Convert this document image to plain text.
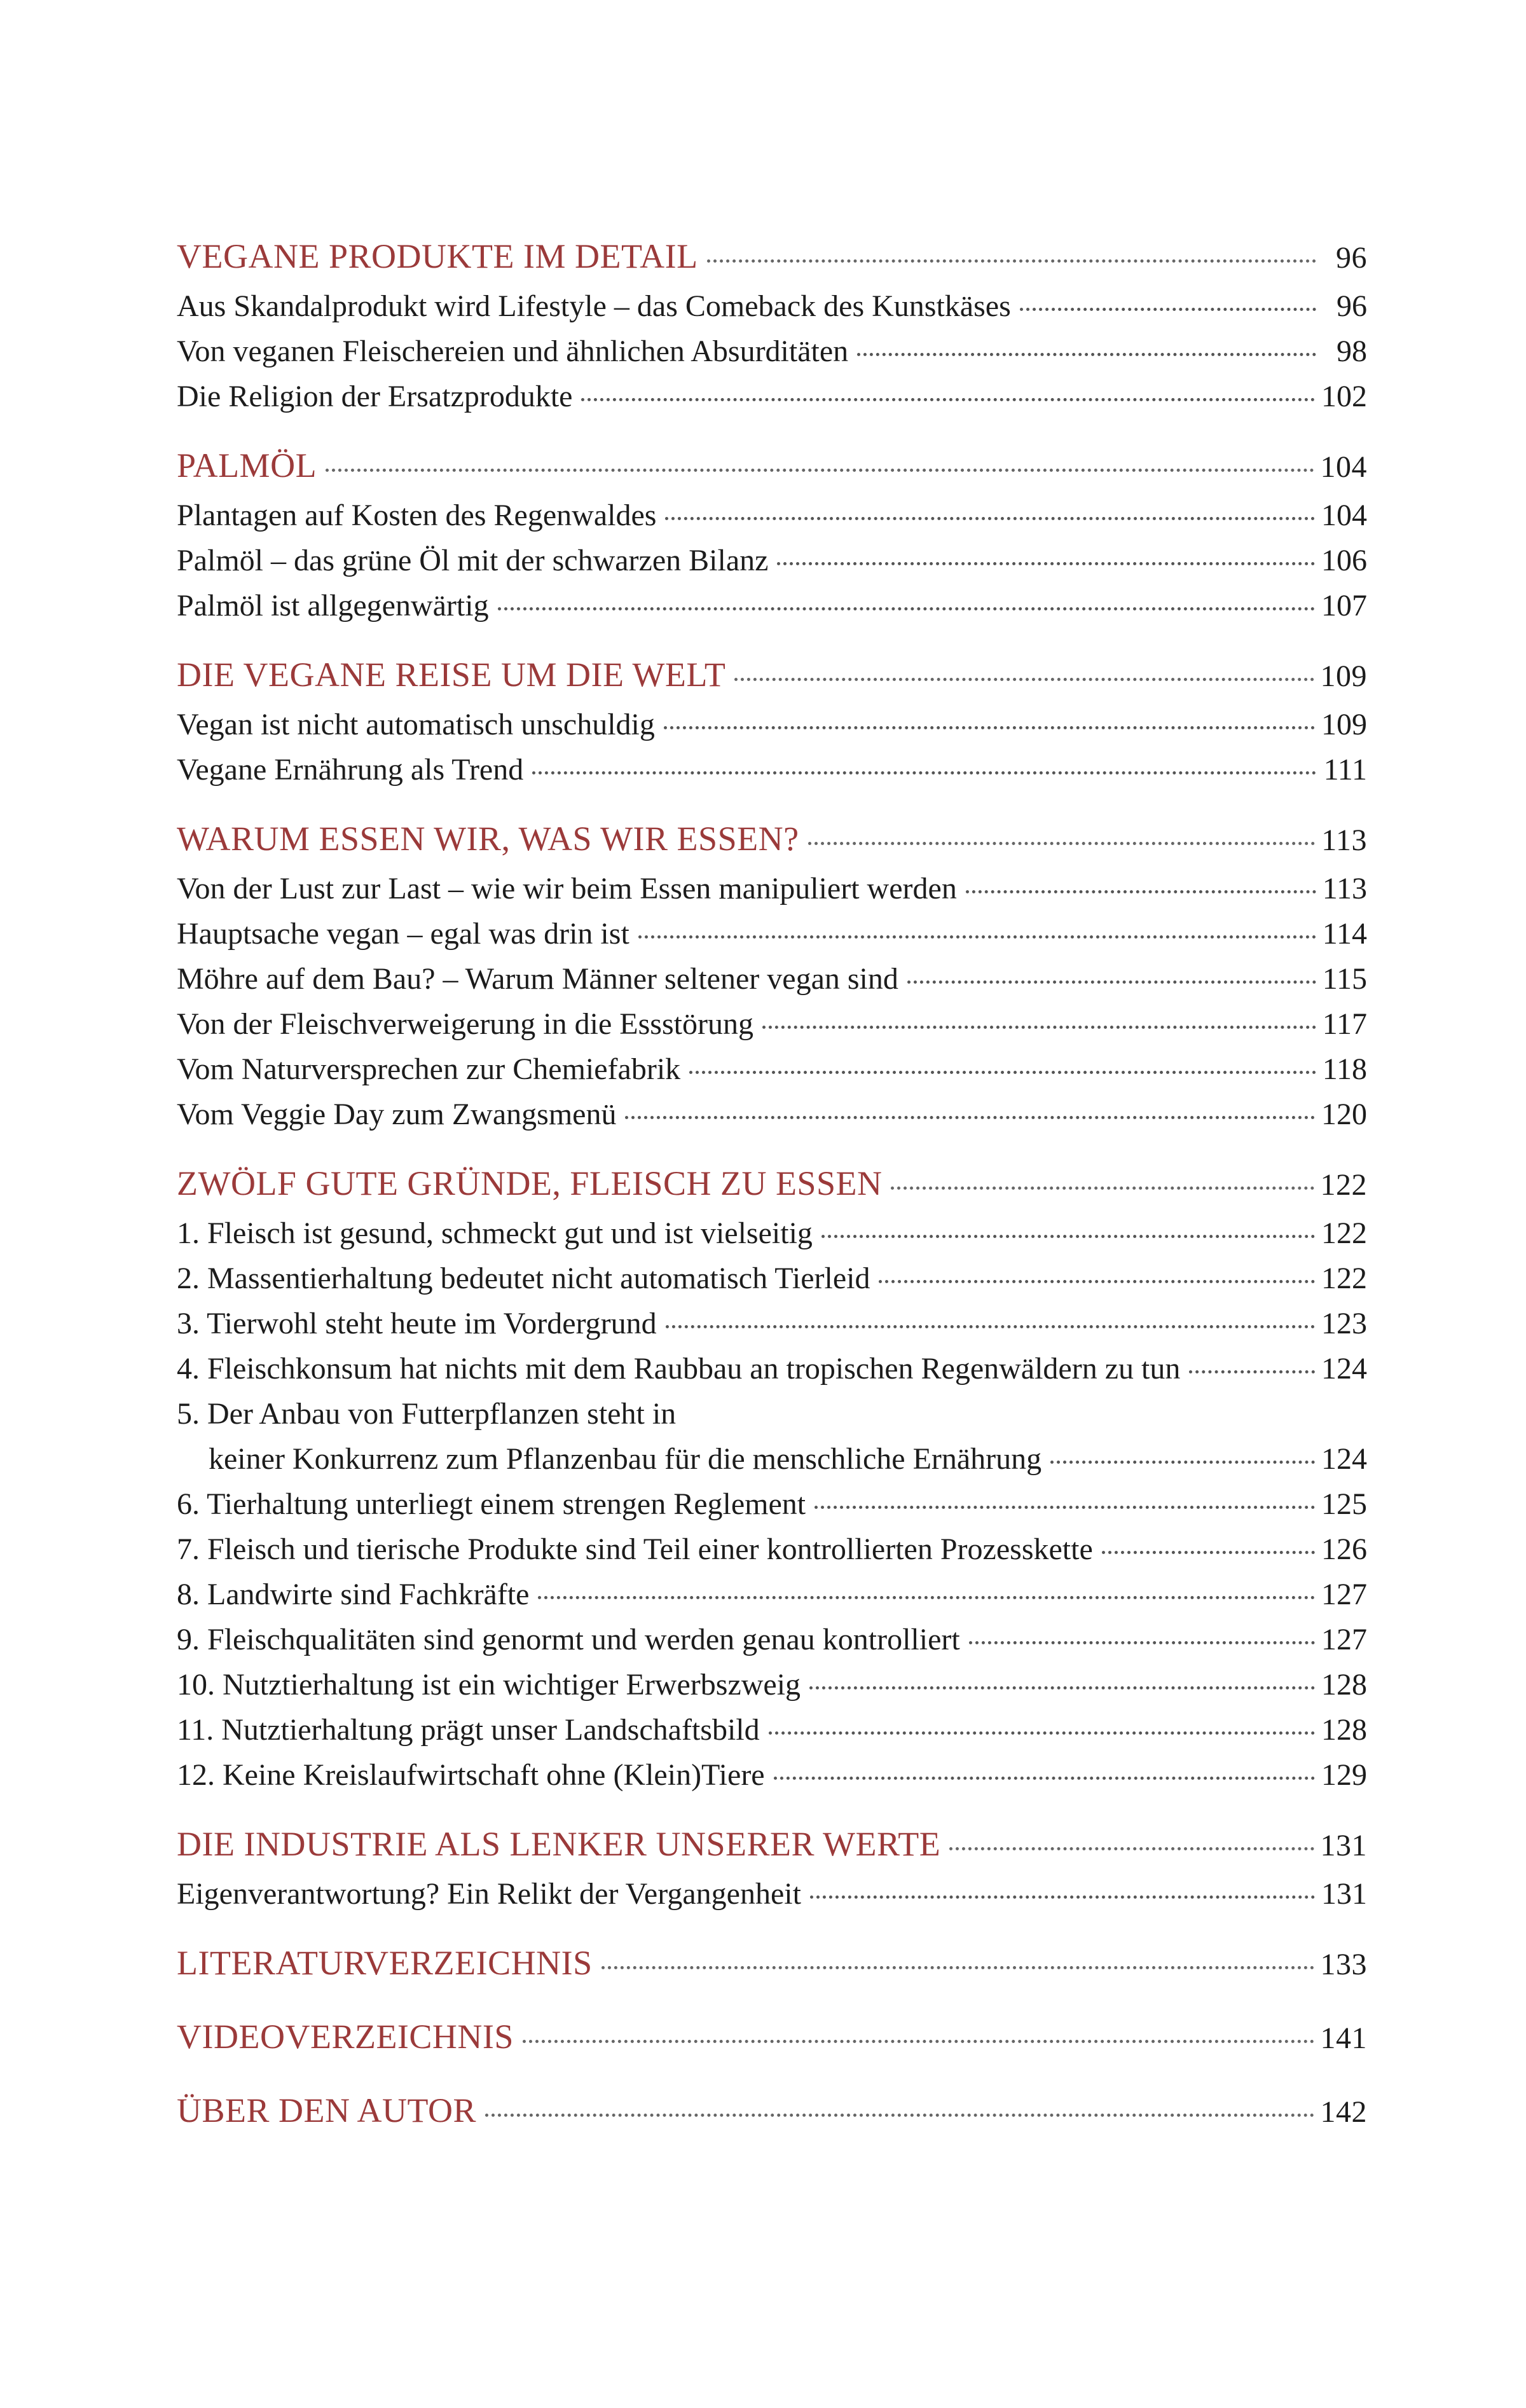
VEGANE PRODUKTE IM DETAIL	96
Aus Skandalprodukt wird Lifestyle – das Comeback des Kunstkäses	96
Von veganen Fleischereien und ähnlichen Absurditäten	98
Die Religion der Ersatzprodukte	102
PALMÖL	104
Plantagen auf Kosten des Regenwaldes	104
Palmöl – das grüne Öl mit der schwarzen Bilanz	106
Palmöl ist allgegenwärtig	107
DIE VEGANE REISE UM DIE WELT	109
Vegan ist nicht automatisch unschuldig	109
Vegane Ernährung als Trend	111
WARUM ESSEN WIR, WAS WIR ESSEN?	113
Von der Lust zur Last – wie wir beim Essen manipuliert werden	113
Hauptsache vegan – egal was drin ist	114
Möhre auf dem Bau? – Warum Männer seltener vegan sind	115
Von der Fleischverweigerung in die Essstörung	117
Vom Naturversprechen zur Chemiefabrik	118
Vom Veggie Day zum Zwangsmenü	120
ZWÖLF GUTE GRÜNDE, FLEISCH ZU ESSEN	122
1. Fleisch ist gesund, schmeckt gut und ist vielseitig	122
2. Massentierhaltung bedeutet nicht automatisch Tierleid	122
3. Tierwohl steht heute im Vordergrund	123
4. Fleischkonsum hat nichts mit dem Raubbau an tropischen Regenwäldern zu tun	124
5. Der Anbau von Futterpflanzen steht in
keiner Konkurrenz zum Pflanzenbau für die menschliche Ernährung	124
6. Tierhaltung unterliegt einem strengen Reglement	125
7. Fleisch und tierische Produkte sind Teil einer kontrollierten Prozesskette	126
8. Landwirte sind Fachkräfte	127
9. Fleischqualitäten sind genormt und werden genau kontrolliert	127
10. Nutztierhaltung ist ein wichtiger Erwerbszweig	128
11. Nutztierhaltung prägt unser Landschaftsbild	128
12. Keine Kreislaufwirtschaft ohne (Klein)Tiere	129
DIE INDUSTRIE ALS LENKER UNSERER WERTE	131
Eigenverantwortung? Ein Relikt der Vergangenheit	131
LITERATURVERZEICHNIS	133
VIDEOVERZEICHNIS	141
ÜBER DEN AUTOR	142
